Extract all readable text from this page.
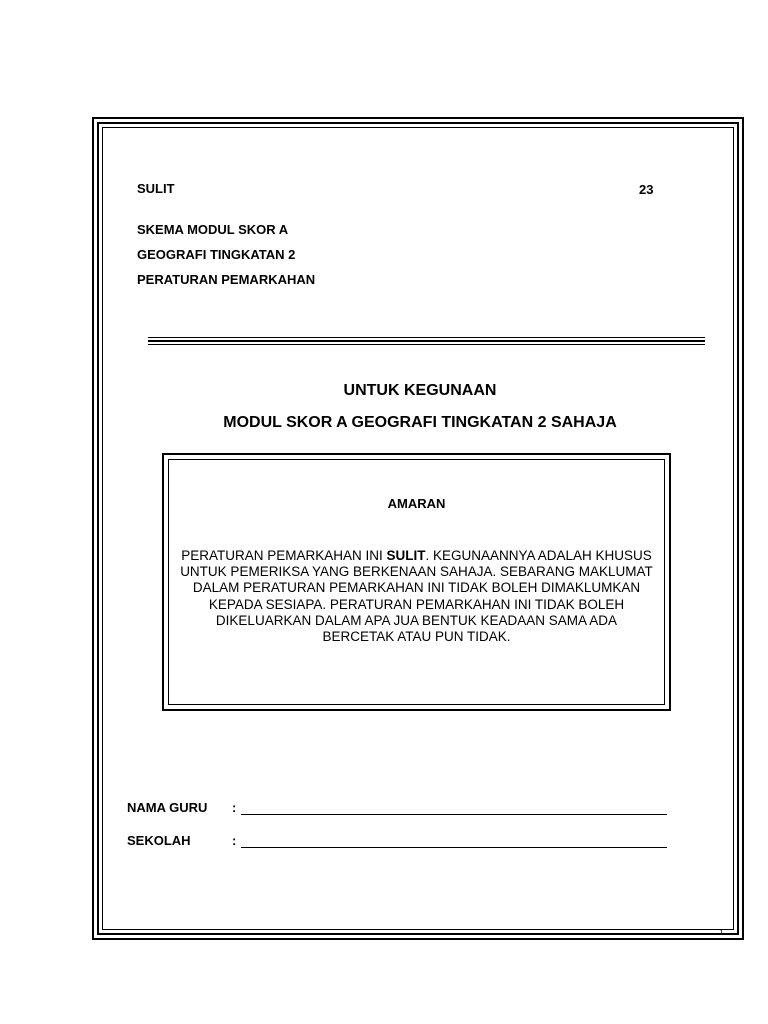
SULIT	23
SKEMA MODUL SKOR A
GEOGRAFI TINGKATAN 2
PERATURAN PEMARKAHAN
UNTUK KEGUNAAN
MODUL SKOR A GEOGRAFI TINGKATAN 2 SAHAJA
AMARAN
PERATURAN PEMARKAHAN INI SULIT. KEGUNAANNYA ADALAH KHUSUS UNTUK PEMERIKSA YANG BERKENAAN SAHAJA. SEBARANG MAKLUMAT DALAM PERATURAN PEMARKAHAN INI TIDAK BOLEH DIMAKLUMKAN KEPADA SESIAPA. PERATURAN PEMARKAHAN INI TIDAK BOLEH DIKELUARKAN DALAM APA JUA BENTUK KEADAAN SAMA ADA BERCETAK ATAU PUN TIDAK.
NAMA GURU :
SEKOLAH	:
1
